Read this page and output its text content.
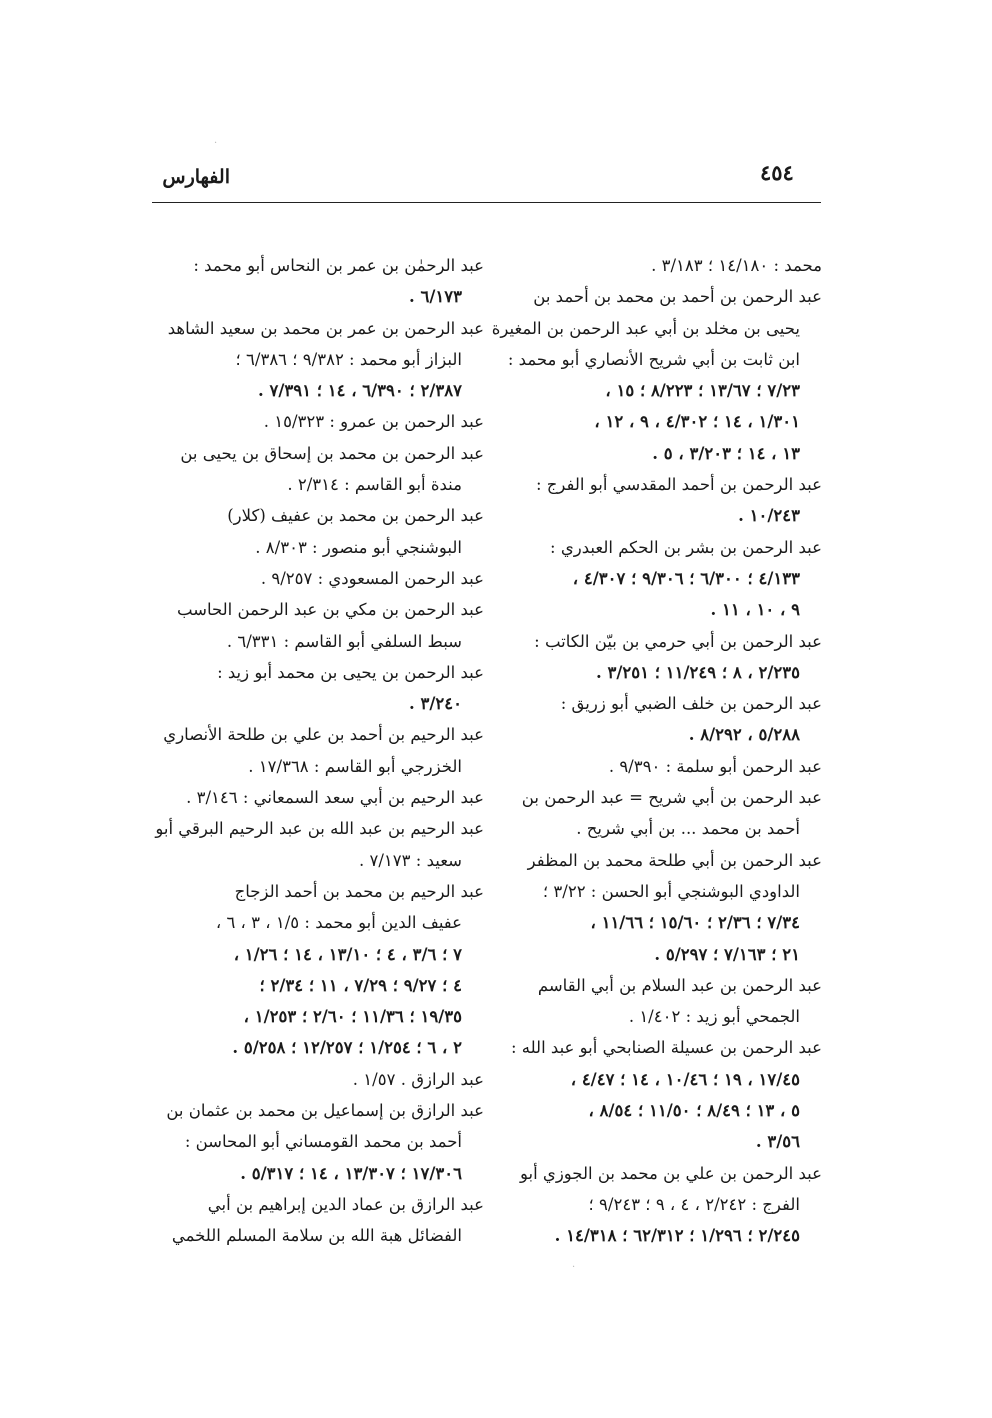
٤٥٤
الفهارس
محمد : ١٤/١٨٠ ؛ ٣/١٨٣ .
عبد الرحمن بن أحمد بن محمد بن أحمد بن
يحيى بن مخلد بن أبي عبد الرحمن بن المغيرة
ابن ثابت بن أبي شريح الأنصاري أبو محمد :
٧/٢٣ ؛ ١٣/٦٧ ؛ ٨/٢٢٣ ؛ ١٥ ،
١/٣٠١ ، ١٤ ؛ ٤/٣٠٢ ، ٩ ، ١٢ ،
١٣ ، ١٤ ؛ ٣/٢٠٣ ، ٥ .
عبد الرحمن بن أحمد المقدسي أبو الفرج :
١٠/٢٤٣ .
عبد الرحمن بن بشر بن الحكم العبدري :
٤/١٣٣ ؛ ٦/٣٠٠ ؛ ٩/٣٠٦ ؛ ٤/٣٠٧ ،
٩ ، ١٠ ، ١١ .
عبد الرحمن بن أبي حرمي بن بيّن الكاتب :
٢/٢٣٥ ، ٨ ؛ ١١/٢٤٩ ؛ ٣/٢٥١ .
عبد الرحمن بن خلف الضبي أبو زريق :
٥/٢٨٨ ، ٨/٢٩٢ .
عبد الرحمن أبو سلمة : ٩/٣٩٠ .
عبد الرحمن بن أبي شريح = عبد الرحمن بن
أحمد بن محمد ... بن أبي شريح .
عبد الرحمن بن أبي طلحة محمد بن المظفر
الداودي البوشنجي أبو الحسن : ٣/٢٢ ؛
٧/٣٤ ؛ ٢/٣٦ ؛ ١٥/٦٠ ؛ ١١/٦٦ ،
٢١ ؛ ٧/١٦٣ ؛ ٥/٢٩٧ .
عبد الرحمن بن عبد السلام بن أبي القاسم
الجمحي أبو زيد : ١/٤٠٢ .
عبد الرحمن بن عسيلة الصنابحي أبو عبد الله :
١٧/٤٥ ، ١٩ ؛ ١٠/٤٦ ، ١٤ ؛ ٤/٤٧ ،
٥ ، ١٣ ؛ ٨/٤٩ ؛ ١١/٥٠ ؛ ٨/٥٤ ،
٣/٥٦ .
عبد الرحمن بن علي بن محمد بن الجوزي أبو
الفرج : ٢/٢٤٢ ، ٤ ، ٩ ؛ ٩/٢٤٣ ؛
٢/٢٤٥ ؛ ١/٢٩٦ ؛ ٦٢/٣١٢ ؛ ١٤/٣١٨ .
عبد الرحمٰن بن عمر بن النحاس أبو محمد :
٦/١٧٣ .
عبد الرحمن بن عمر بن محمد بن سعيد الشاهد
البزاز أبو محمد : ٩/٣٨٢ ؛ ٦/٣٨٦ ؛
٢/٣٨٧ ؛ ٦/٣٩٠ ، ١٤ ؛ ٧/٣٩١ .
عبد الرحمن بن عمرو : ١٥/٣٢٣ .
عبد الرحمن بن محمد بن إسحاق بن يحيى بن
مندة أبو القاسم : ٢/٣١٤ .
عبد الرحمن بن محمد بن عفيف (كلار)
البوشنجي أبو منصور : ٨/٣٠٣ .
عبد الرحمن المسعودي : ٩/٢٥٧ .
عبد الرحمن بن مكي بن عبد الرحمن الحاسب
سبط السلفي أبو القاسم : ٦/٣٣١ .
عبد الرحمن بن يحيى بن محمد أبو زيد :
٣/٢٤٠ .
عبد الرحيم بن أحمد بن علي بن طلحة الأنصاري
الخزرجي أبو القاسم : ١٧/٣٦٨ .
عبد الرحيم بن أبي سعد السمعاني : ٣/١٤٦ .
عبد الرحيم بن عبد الله بن عبد الرحيم البرقي أبو
سعيد : ٧/١٧٣ .
عبد الرحيم بن محمد بن أحمد الزجاج
عفيف الدين أبو محمد : ١/٥ ، ٣ ، ٦ ،
٧ ؛ ٣/٦ ، ٤ ؛ ١٣/١٠ ، ١٤ ؛ ١/٢٦ ،
٤ ؛ ٩/٢٧ ؛ ٧/٢٩ ، ١١ ؛ ٢/٣٤ ؛
١٩/٣٥ ؛ ١١/٣٦ ؛ ٢/٦٠ ؛ ١/٢٥٣ ،
٢ ، ٦ ؛ ١/٢٥٤ ؛ ١٢/٢٥٧ ؛ ٥/٢٥٨ .
عبد الرازق . ١/٥٧ .
عبد الرازق بن إسماعيل بن محمد بن عثمان بن
أحمد بن محمد القومساني أبو المحاسن :
١٧/٣٠٦ ؛ ١٣/٣٠٧ ، ١٤ ؛ ٥/٣١٧ .
عبد الرازق بن عماد الدين إبراهيم بن أبي
الفضائل هبة الله بن سلامة المسلم اللخمي
·
·
